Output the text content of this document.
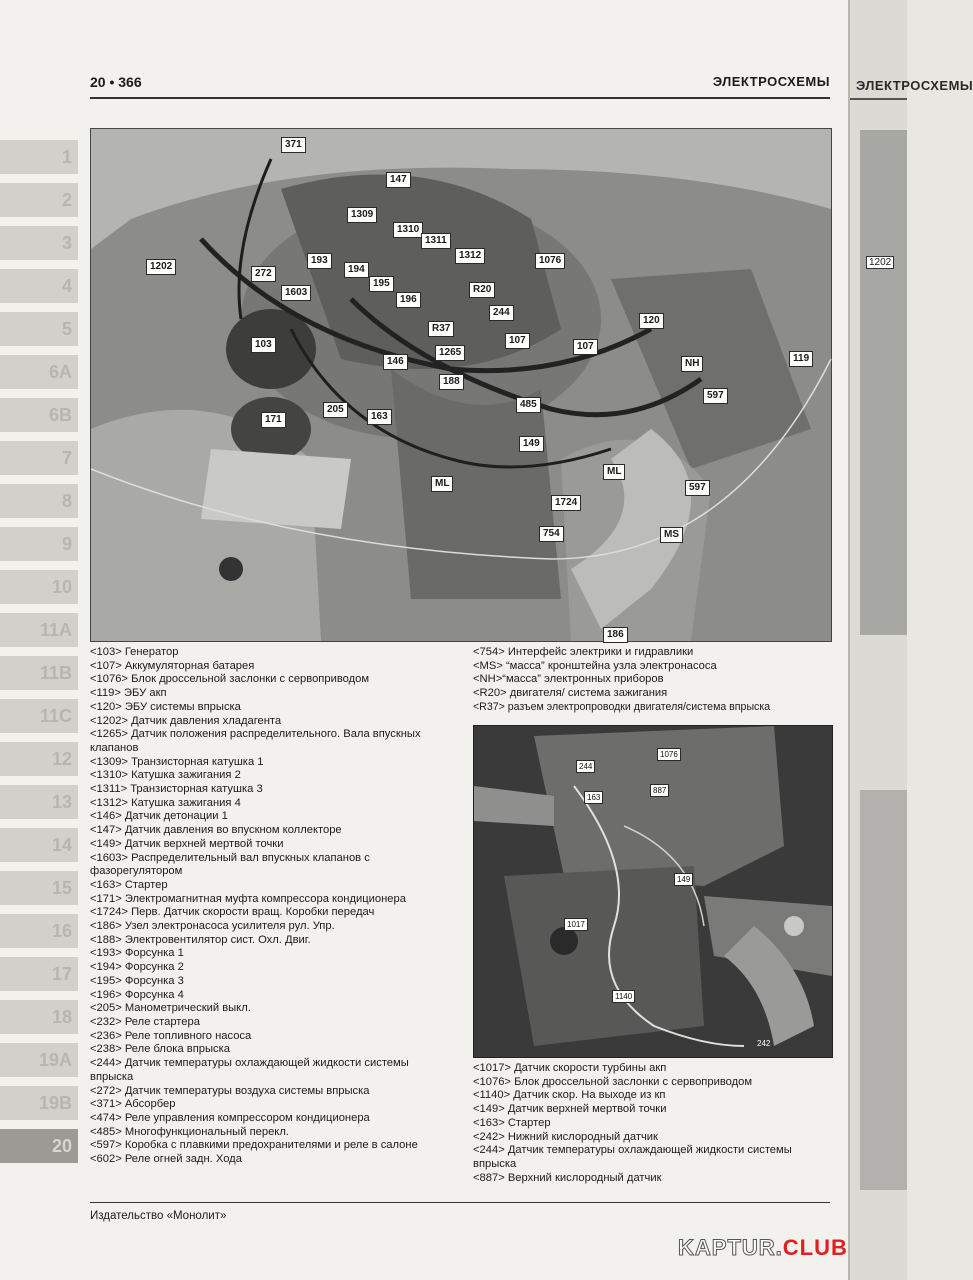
1
2
3
4
5
6А
6В
7
8
9
10
11А
11В
11С
12
13
14
15
16
17
18
19А
19В
20
20 • 366	ЭЛЕКТРОСХЕМЫ
371
147
1309
1310
1311
1312	1076
1202
272
193
194
195
196
1603	R20
R37
244
120
103
146
1265
107
107
NH	119
188
597
485
171
205
163
149
ML
ML
1724
597
754	MS
186
<103> Генератор
<107> Аккумуляторная батарея
<1076> Блок дроссельной заслонки с сервоприводом
<119> ЭБУ акп
<120> ЭБУ системы впрыска
<1202> Датчик давления хладагента
<1265> Датчик положения распределительного. Вала впускных клапанов
<1309> Транзисторная катушка 1
<1310> Катушка зажигания 2
<1311> Транзисторная катушка 3
<1312> Катушка зажигания 4
<146> Датчик детонации 1
<147> Датчик давления во впускном коллекторе
<149> Датчик верхней мертвой точки
<1603> Распределительный вал впускных клапанов с фазорегулятором
<163> Стартер
<171> Электромагнитная муфта компрессора кондиционера
<1724> Перв. Датчик скорости вращ. Коробки передач
<186> Узел электронасоса усилителя рул. Упр.
<188> Электровентилятор сист. Охл. Двиг.
<193> Форсунка 1
<194> Форсунка 2
<195> Форсунка 3
<196> Форсунка 4
<205> Манометрический выкл.
<232> Реле стартера
<236> Реле топливного насоса
<238> Реле блока впрыска
<244> Датчик температуры охлаждающей жидкости системы впрыска
<272> Датчик температуры воздуха системы впрыска
<371> Абсорбер
<474> Реле управления компрессором кондиционера
<485> Многофункциональный перекл.
<597> Коробка с плавкими предохранителями и реле в салоне
<602> Реле огней задн. Хода
<754> Интерфейс электрики и гидравлики
<MS> “масса” кронштейна узла электронасоса
<NH>“масса” электронных приборов
<R20> двигателя/ система зажигания
<R37> разъем электропроводки двигателя/система впрыска
244
1076
887
163
149
1017
1140
242
<1017> Датчик скорости турбины акп
<1076> Блок дроссельной заслонки с сервоприводом
<1140> Датчик скор. На выходе из кп
<149> Датчик верхней мертвой точки
<163> Стартер
<242> Нижний кислородный датчик
<244> Датчик температуры охлаждающей жидкости системы впрыска
<887> Верхний кислородный датчик
Издательство «Монолит»
ЭЛЕКТРОСХЕМЫ
1202
KAPTUR.CLUB
